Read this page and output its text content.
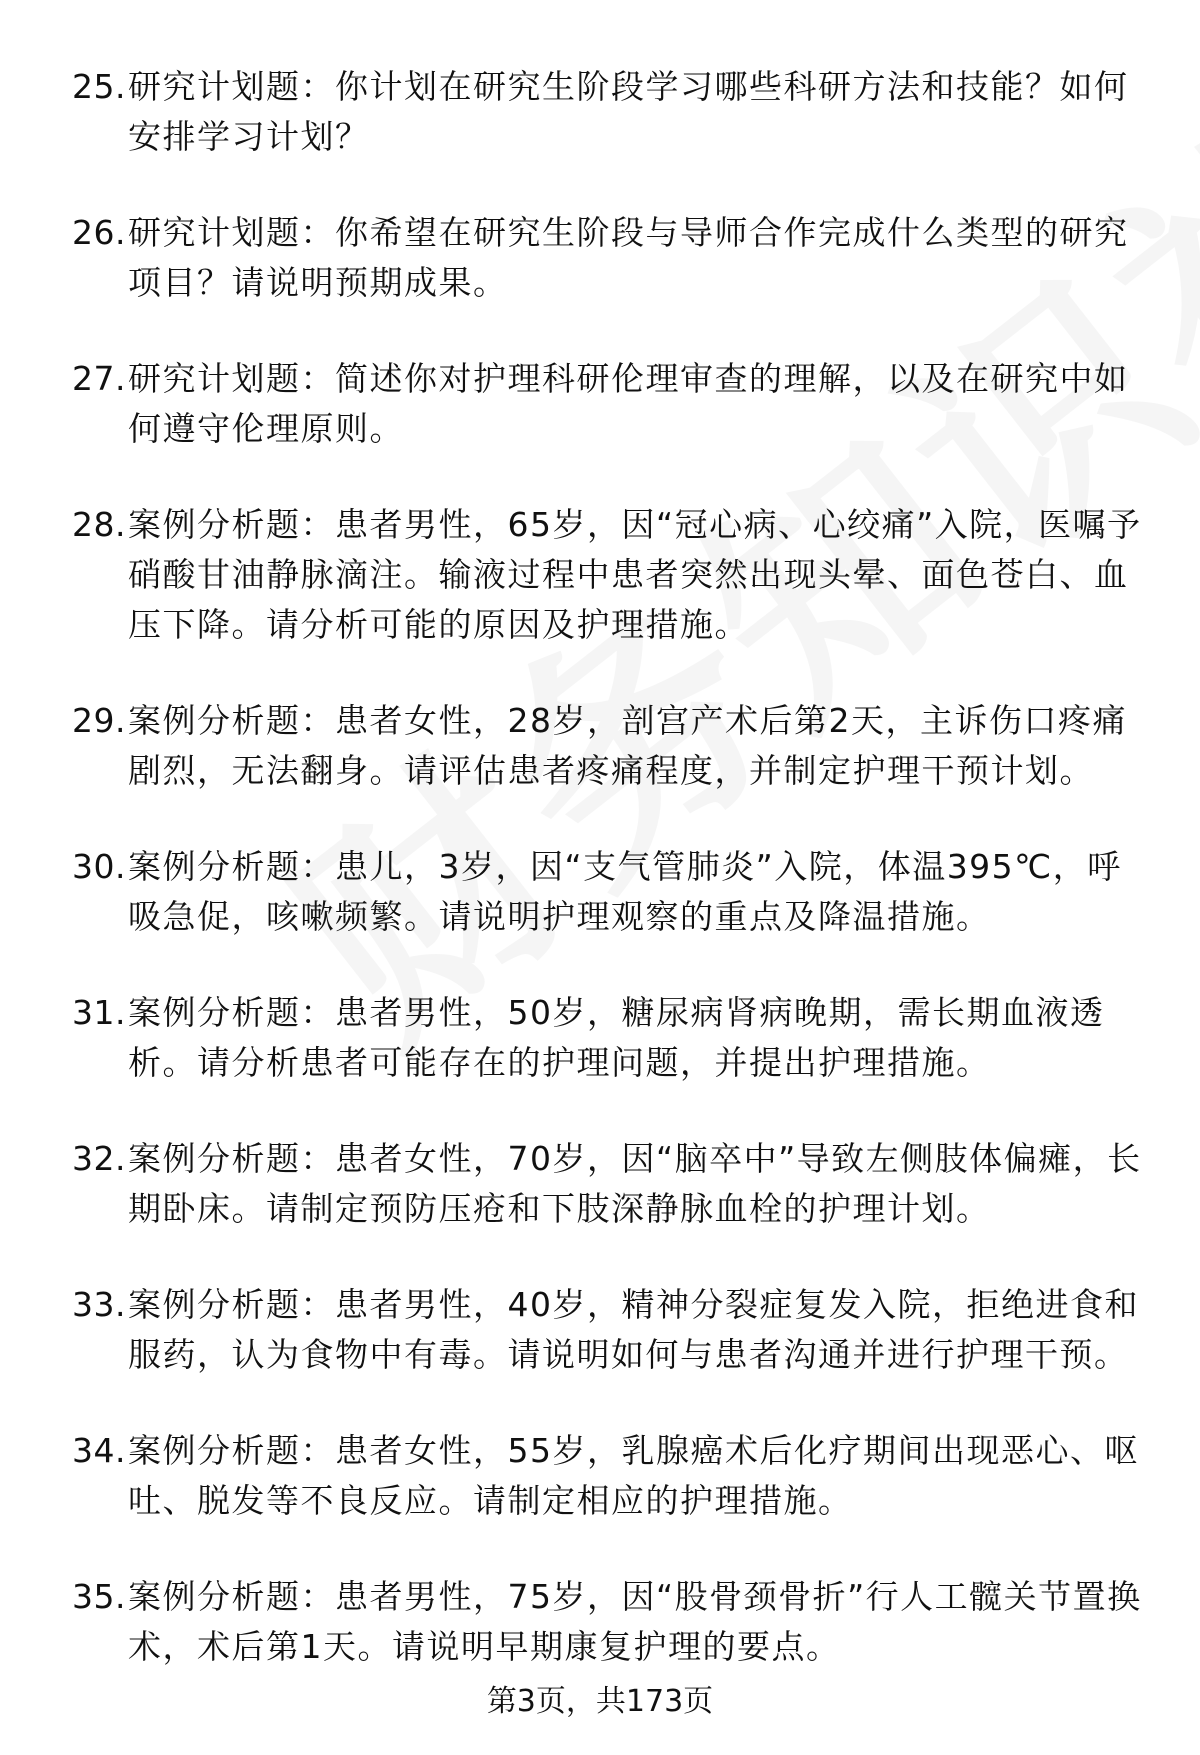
25. 研究计划题：你计划在研究生阶段学习哪些科研方法和技能？如何安排学习计划？
26. 研究计划题：你希望在研究生阶段与导师合作完成什么类型的研究项目？请说明预期成果。
27. 研究计划题：简述你对护理科研伦理审查的理解，以及在研究中如何遵守伦理原则。
28. 案例分析题：患者男性，65岁，因“冠心病、心绞痛”入院，医嘱予硝酸甘油静脉滴注。输液过程中患者突然出现头晕、面色苍白、血压下降。请分析可能的原因及护理措施。
29. 案例分析题：患者女性，28岁，剖宫产术后第2天，主诉伤口疼痛剧烈，无法翻身。请评估患者疼痛程度，并制定护理干预计划。
30. 案例分析题：患儿，3岁，因“支气管肺炎”入院，体温395℃，呼吸急促，咳嗽频繁。请说明护理观察的重点及降温措施。
31. 案例分析题：患者男性，50岁，糖尿病肾病晚期，需长期血液透析。请分析患者可能存在的护理问题，并提出护理措施。
32. 案例分析题：患者女性，70岁，因“脑卒中”导致左侧肢体偏瘫，长期卧床。请制定预防压疮和下肢深静脉血栓的护理计划。
33. 案例分析题：患者男性，40岁，精神分裂症复发入院，拒绝进食和服药，认为食物中有毒。请说明如何与患者沟通并进行护理干预。
34. 案例分析题：患者女性，55岁，乳腺癌术后化疗期间出现恶心、呕吐、脱发等不良反应。请制定相应的护理措施。
35. 案例分析题：患者男性，75岁，因“股骨颈骨折”行人工髋关节置换术，术后第1天。请说明早期康复护理的要点。
第3页，共173页
